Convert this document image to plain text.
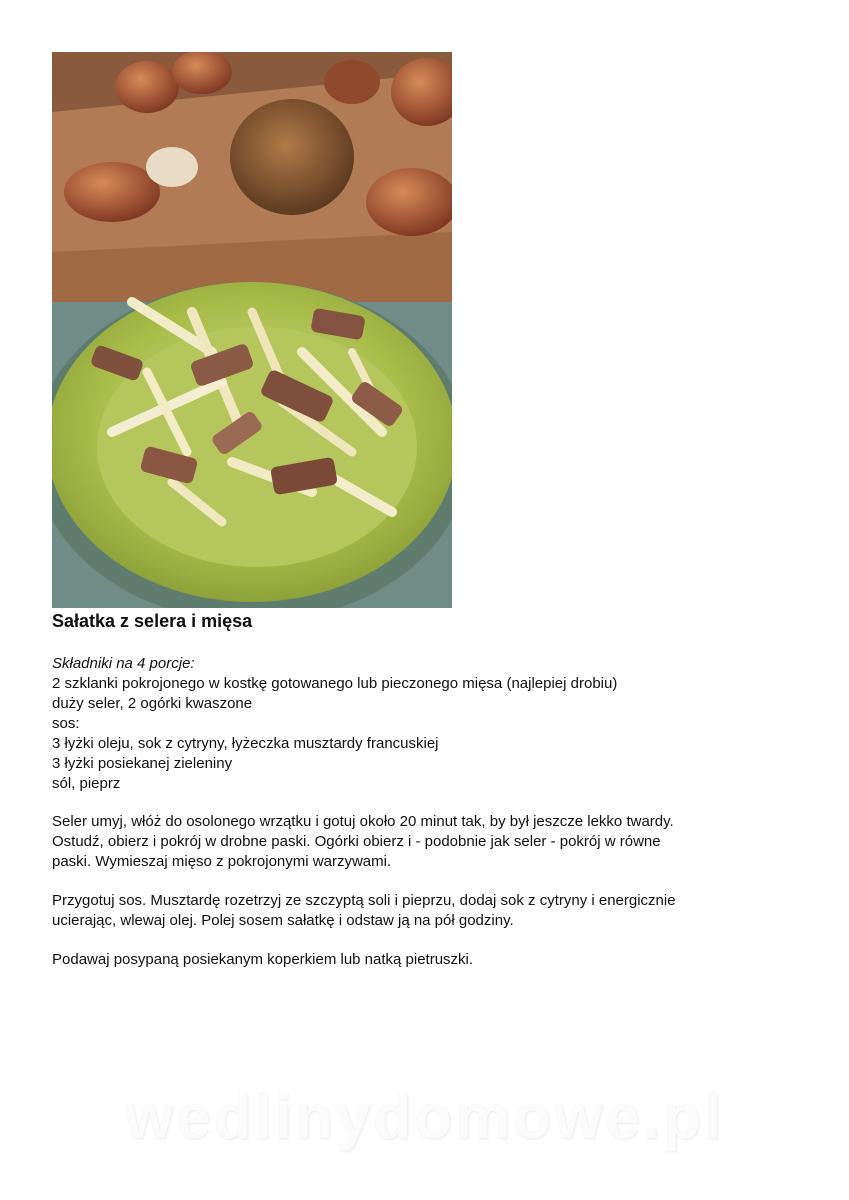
Sałatka z selera i mięsa
Składniki na 4 porcje:
2 szklanki pokrojonego w kostkę gotowanego lub pieczonego mięsa (najlepiej drobiu)
duży seler, 2 ogórki kwaszone
sos:
3 łyżki oleju, sok z cytryny, łyżeczka musztardy francuskiej
3 łyżki posiekanej zieleniny
sól, pieprz
Seler umyj, włóż do osolonego wrzątku i gotuj około 20 minut tak, by był jeszcze lekko twardy.
Ostudź, obierz i pokrój w drobne paski. Ogórki obierz i - podobnie jak seler - pokrój w równe
paski. Wymieszaj mięso z pokrojonymi warzywami.
Przygotuj sos. Musztardę rozetrzyj ze szczyptą soli i pieprzu, dodaj sok z cytryny i energicznie
ucierając, wlewaj olej. Polej sosem sałatkę i odstaw ją na pół godziny.
Podawaj posypaną posiekanym koperkiem lub natką pietruszki.
wedlinydomowe.pl
